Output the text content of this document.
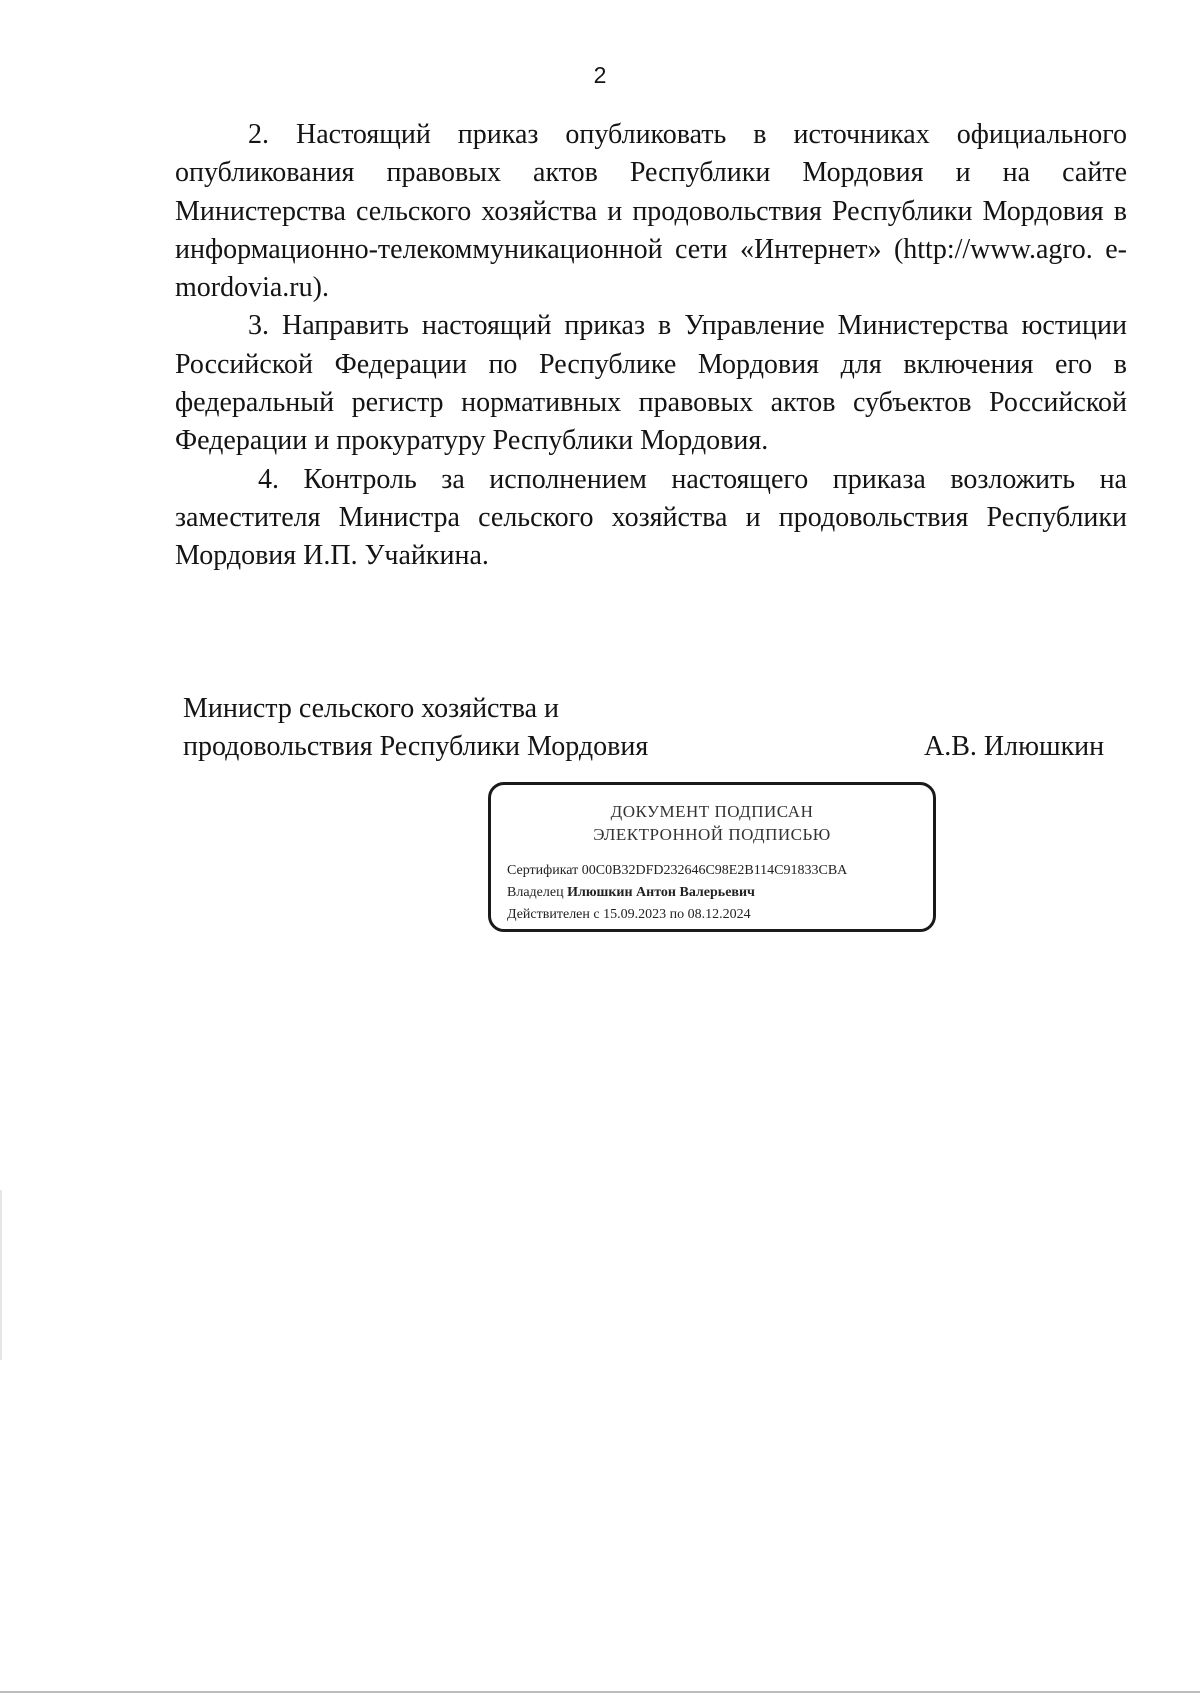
2

2. Настоящий приказ опубликовать в источниках официального опубликования правовых актов Республики Мордовия и на сайте Министерства сельского хозяйства и продовольствия Республики Мордовия в информационно-телекоммуникационной сети «Интернет» (http://www.agro. e-mordovia.ru).

3. Направить настоящий приказ в Управление Министерства юстиции Российской Федерации по Республике Мордовия для включения его в федеральный регистр нормативных правовых актов субъектов Российской Федерации и прокуратуру Республики Мордовия.

4. Контроль за исполнением настоящего приказа возложить на заместителя Министра сельского хозяйства и продовольствия Республики Мордовия И.П. Учайкина.

Министр сельского хозяйства и
продовольствия Республики Мордовия	А.В. Илюшкин
ДОКУМЕНТ ПОДПИСАН
ЭЛЕКТРОННОЙ ПОДПИСЬЮ
Сертификат 00C0B32DFD232646C98E2B114C91833CBA
Владелец Илюшкин Антон Валерьевич
Действителен с 15.09.2023 по 08.12.2024
